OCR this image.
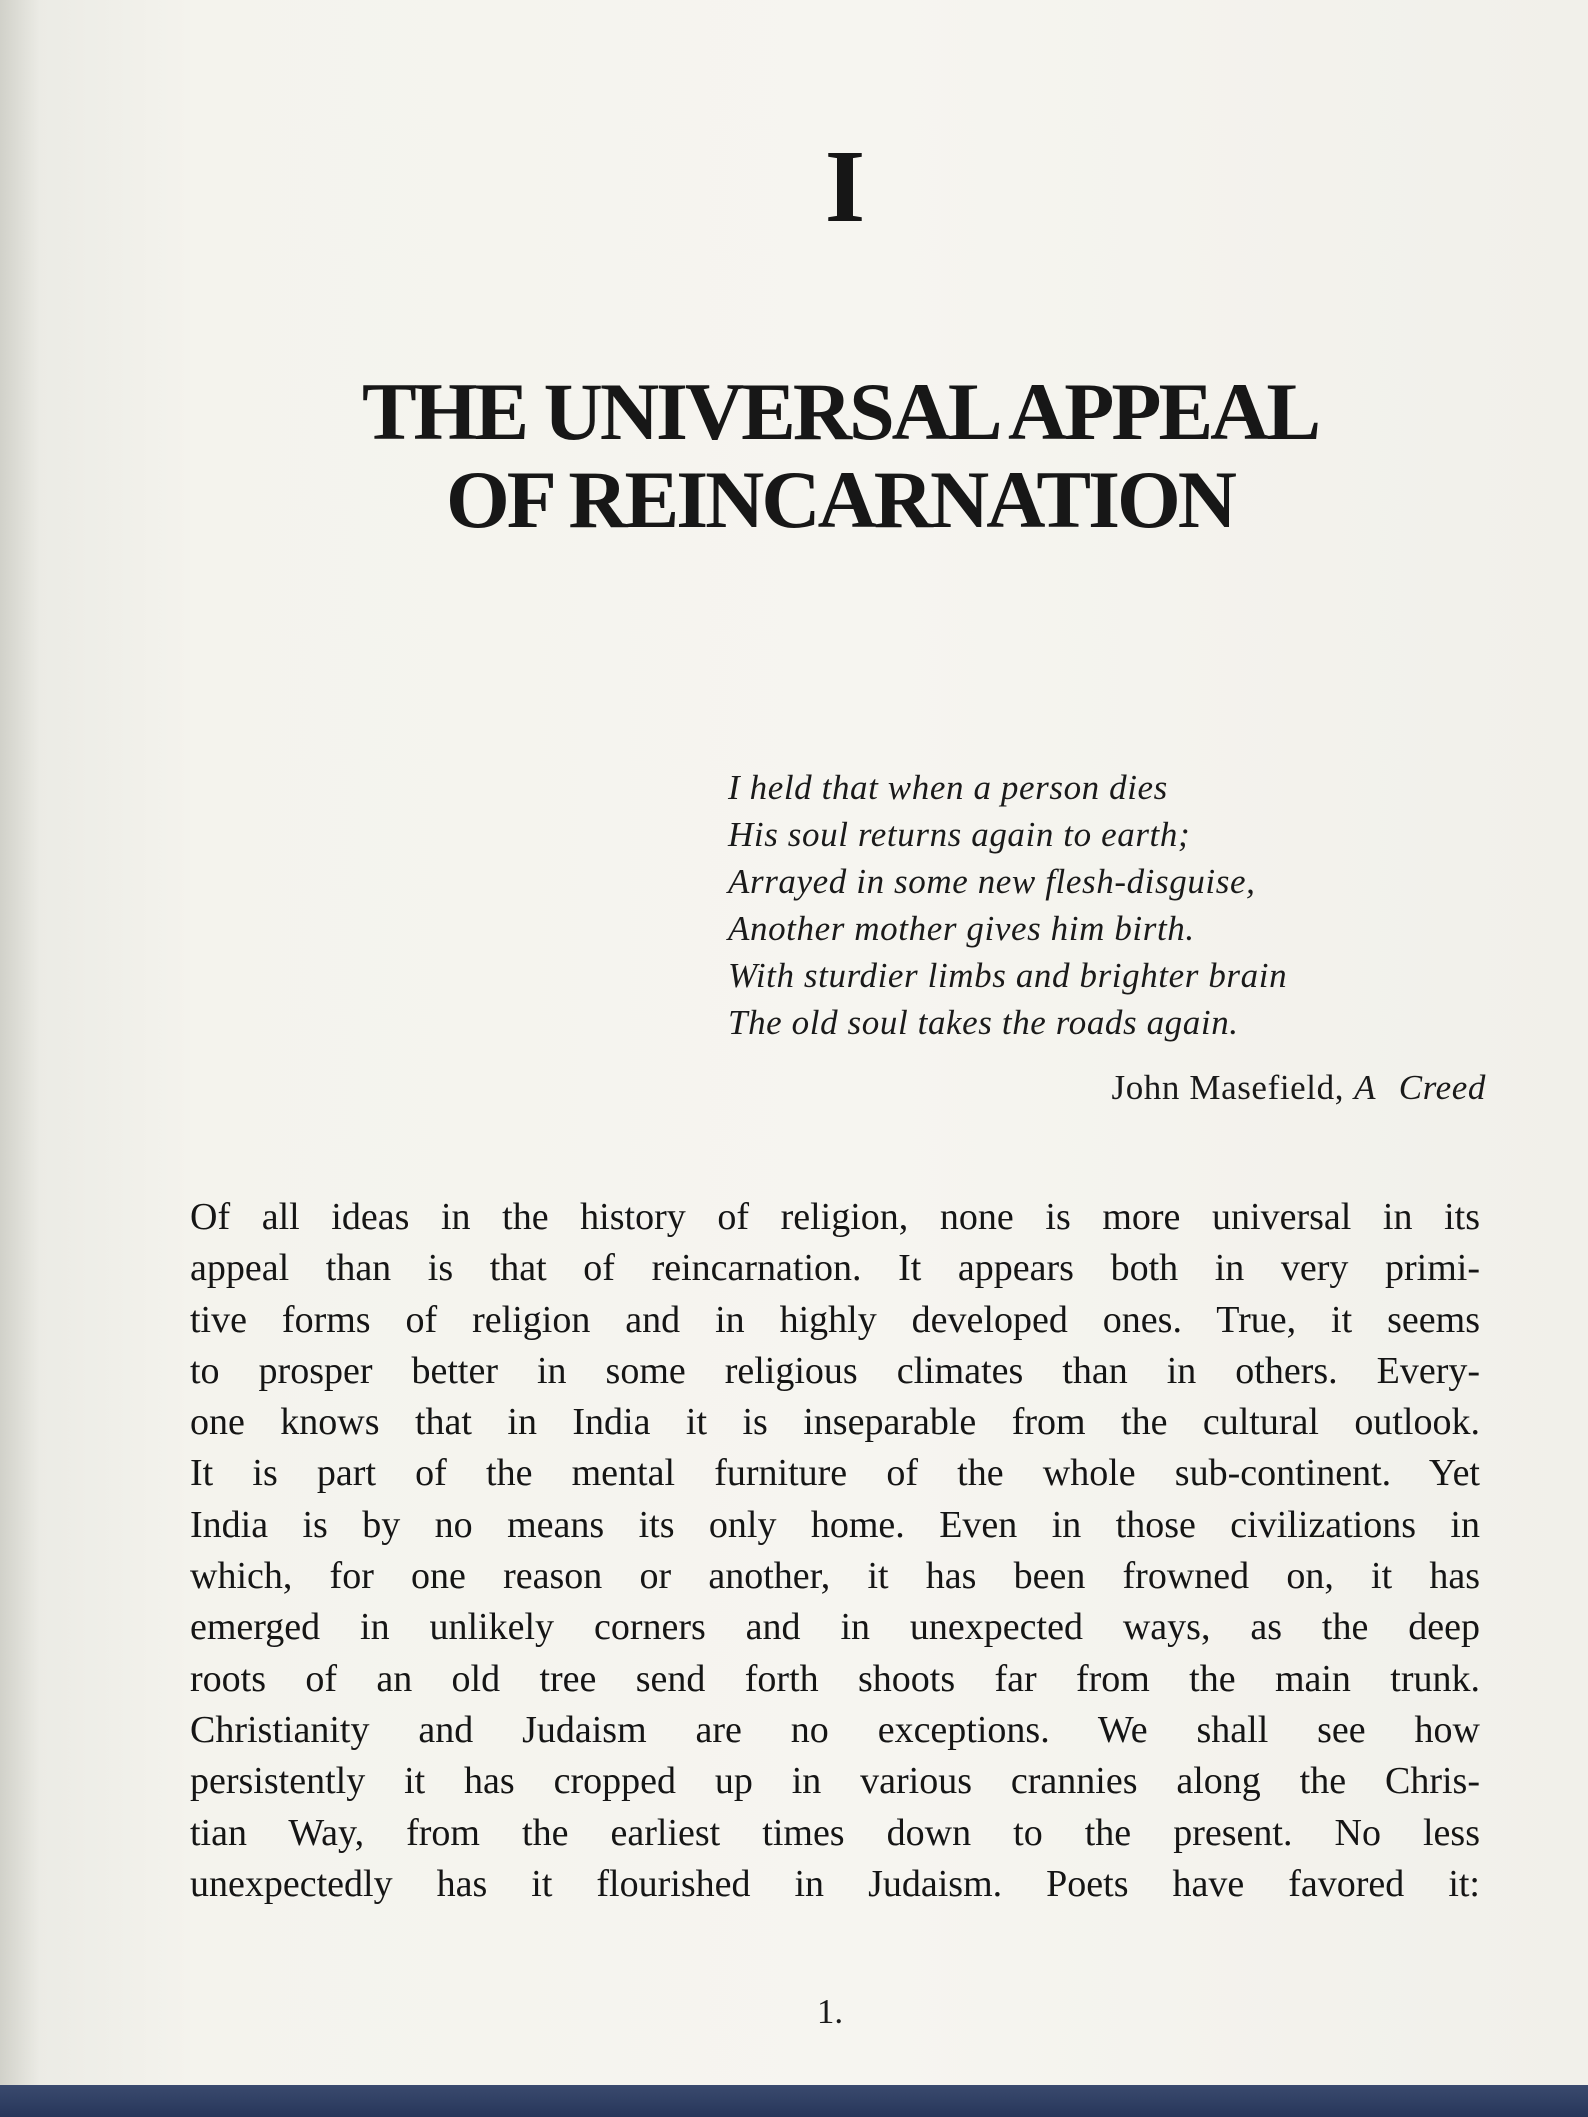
I
THE UNIVERSAL APPEAL
OF REINCARNATION
I held that when a person dies
His soul returns again to earth;
Arrayed in some new flesh-disguise,
Another mother gives him birth.
With sturdier limbs and brighter brain
The old soul takes the roads again.
John Masefield, A Creed
Of all ideas in the history of religion, none is more universal in its
appeal than is that of reincarnation. It appears both in very primi-
tive forms of religion and in highly developed ones. True, it seems
to prosper better in some religious climates than in others. Every-
one knows that in India it is inseparable from the cultural outlook.
It is part of the mental furniture of the whole sub-continent. Yet
India is by no means its only home. Even in those civilizations in
which, for one reason or another, it has been frowned on, it has
emerged in unlikely corners and in unexpected ways, as the deep
roots of an old tree send forth shoots far from the main trunk.
Christianity and Judaism are no exceptions. We shall see how
persistently it has cropped up in various crannies along the Chris-
tian Way, from the earliest times down to the present. No less
unexpectedly has it flourished in Judaism. Poets have favored it:
1.
